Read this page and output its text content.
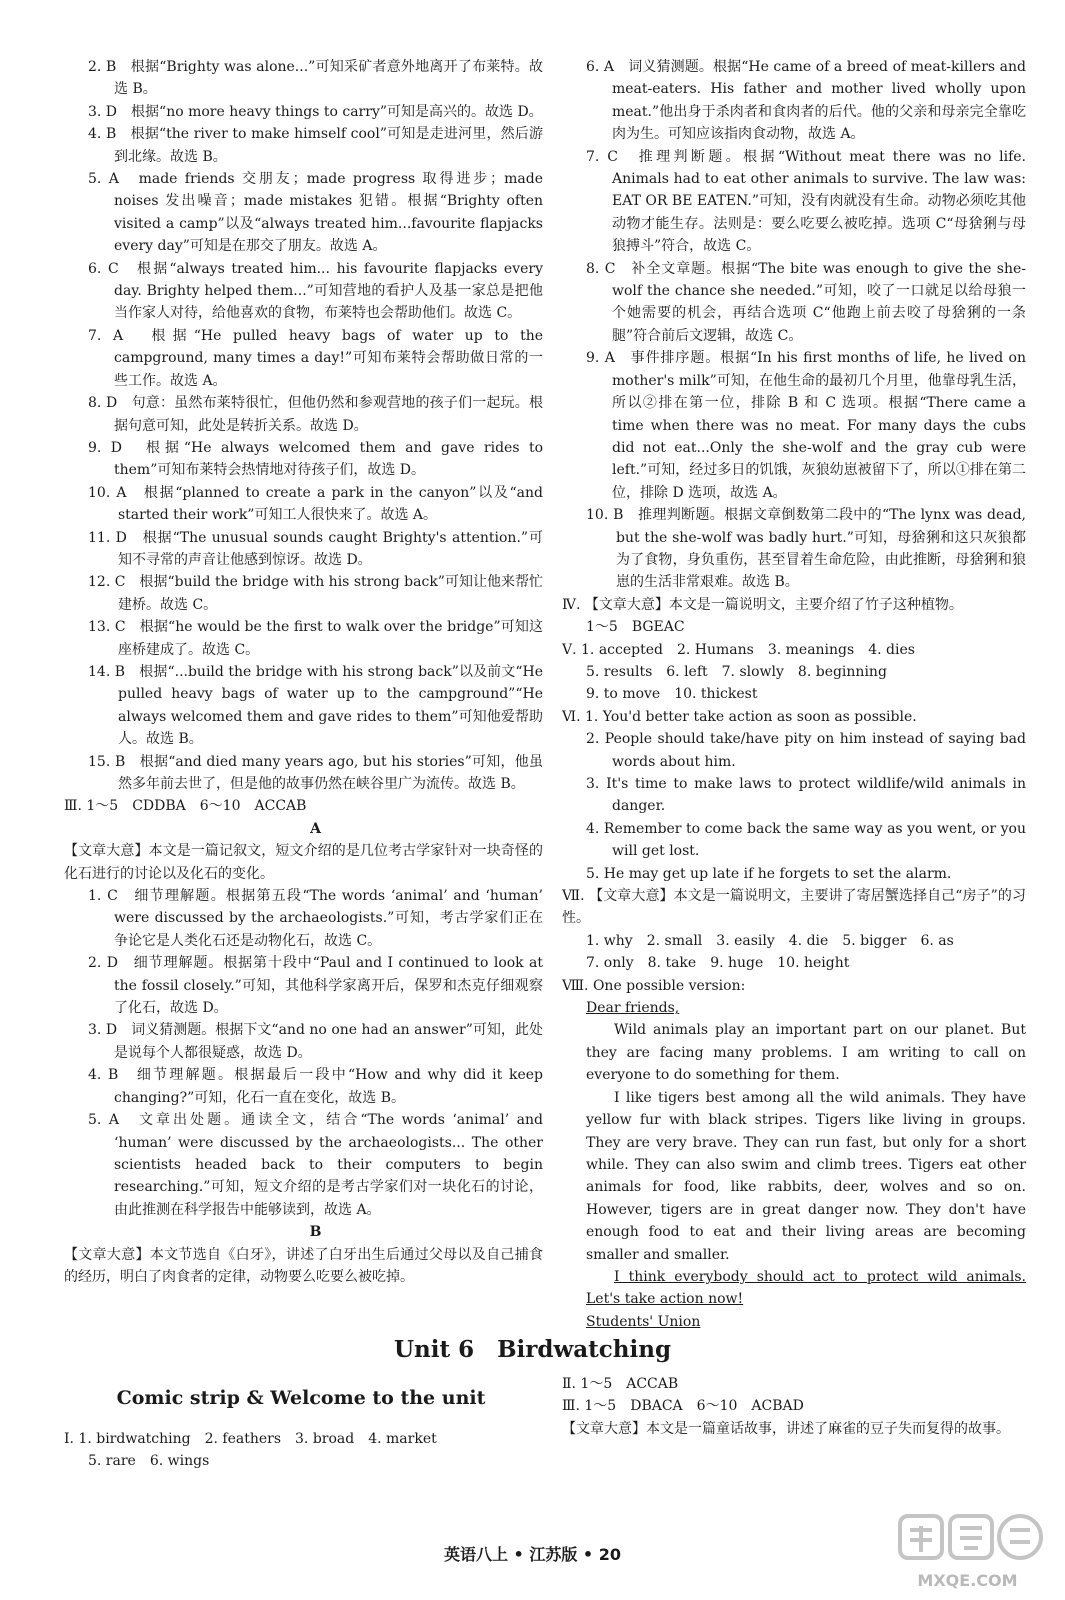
2. B　根据“Brighty was alone...”可知采矿者意外地离开了布莱特。故选 B。

3. D　根据“no more heavy things to carry”可知是高兴的。故选 D。

4. B　根据“the river to make himself cool”可知是走进河里，然后游到北缘。故选 B。

5. A　made friends 交朋友；made progress 取得进步；made noises 发出噪音；made mistakes 犯错。根据“Brighty often visited a camp”以及“always treated him...favourite flapjacks every day”可知是在那交了朋友。故选 A。

6. C　根据“always treated him... his favourite flapjacks every day. Brighty helped them...”可知营地的看护人及基一家总是把他当作家人对待，给他喜欢的食物，布莱特也会帮助他们。故选 C。

7. A　根据“He pulled heavy bags of water up to the campground, many times a day!”可知布莱特会帮助做日常的一些工作。故选 A。

8. D　句意：虽然布莱特很忙，但他仍然和参观营地的孩子们一起玩。根据句意可知，此处是转折关系。故选 D。

9. D　根据“He always welcomed them and gave rides to them”可知布莱特会热情地对待孩子们，故选 D。

10. A　根据“planned to create a park in the canyon”以及“and started their work”可知工人很快来了。故选 A。

11. D　根据“The unusual sounds caught Brighty's attention.”可知不寻常的声音让他感到惊讶。故选 D。

12. C　根据“build the bridge with his strong back”可知让他来帮忙建桥。故选 C。

13. C　根据“he would be the first to walk over the bridge”可知这座桥建成了。故选 C。

14. B　根据“...build the bridge with his strong back”以及前文“He pulled heavy bags of water up to the campground”“He always welcomed them and gave rides to them”可知他爱帮助人。故选 B。

15. B　根据“and died many years ago, but his stories”可知，他虽然多年前去世了，但是他的故事仍然在峡谷里广为流传。故选 B。

Ⅲ. 1～5　CDDBA　6～10　ACCAB

A

【文章大意】本文是一篇记叙文，短文介绍的是几位考古学家针对一块奇怪的化石进行的讨论以及化石的变化。

1. C　细节理解题。根据第五段“The words ‘animal’ and ‘human’ were discussed by the archaeologists.”可知，考古学家们正在争论它是人类化石还是动物化石，故选 C。

2. D　细节理解题。根据第十段中“Paul and I continued to look at the fossil closely.”可知，其他科学家离开后，保罗和杰克仔细观察了化石，故选 D。

3. D　词义猜测题。根据下文“and no one had an answer”可知，此处是说每个人都很疑惑，故选 D。

4. B　细节理解题。根据最后一段中“How and why did it keep changing?”可知，化石一直在变化，故选 B。

5. A　文章出处题。通读全文，结合“The words ‘animal’ and ‘human’ were discussed by the archaeologists... The other scientists headed back to their computers to begin researching.”可知，短文介绍的是考古学家们对一块化石的讨论，由此推测在科学报告中能够读到，故选 A。

B

【文章大意】本文节选自《白牙》，讲述了白牙出生后通过父母以及自己捕食的经历，明白了肉食者的定律，动物要么吃要么被吃掉。

6. A　词义猜测题。根据“He came of a breed of meat-killers and meat-eaters. His father and mother lived wholly upon meat.”他出身于杀肉者和食肉者的后代。他的父亲和母亲完全靠吃肉为生。可知应该指肉食动物，故选 A。

7. C　推理判断题。根据“Without meat there was no life. Animals had to eat other animals to survive. The law was: EAT OR BE EATEN.”可知，没有肉就没有生命。动物必须吃其他动物才能生存。法则是：要么吃要么被吃掉。选项 C“母猞猁与母狼搏斗”符合，故选 C。

8. C　补全文章题。根据“The bite was enough to give the she-wolf the chance she needed.”可知，咬了一口就足以给母狼一个她需要的机会，再结合选项 C“他跑上前去咬了母猞猁的一条腿”符合前后文逻辑，故选 C。

9. A　事件排序题。根据“In his first months of life, he lived on mother's milk”可知，在他生命的最初几个月里，他靠母乳生活，所以②排在第一位，排除 B 和 C 选项。根据“There came a time when there was no meat. For many days the cubs did not eat...Only the she-wolf and the gray cub were left.”可知，经过多日的饥饿，灰狼幼崽被留下了，所以①排在第二位，排除 D 选项，故选 A。

10. B　推理判断题。根据文章倒数第二段中的“The lynx was dead, but the she-wolf was badly hurt.”可知，母猞猁和这只灰狼都为了食物，身负重伤，甚至冒着生命危险，由此推断，母猞猁和狼崽的生活非常艰难。故选 B。

Ⅳ. 【文章大意】本文是一篇说明文，主要介绍了竹子这种植物。

1～5　BGEAC

Ⅴ. 1. accepted　2. Humans　3. meanings　4. dies

5. results　6. left　7. slowly　8. beginning

9. to move　10. thickest

Ⅵ. 1. You'd better take action as soon as possible.

2. People should take/have pity on him instead of saying bad words about him.

3. It's time to make laws to protect wildlife/wild animals in danger.

4. Remember to come back the same way as you went, or you will get lost.

5. He may get up late if he forgets to set the alarm.

Ⅶ. 【文章大意】本文是一篇说明文，主要讲了寄居蟹选择自己“房子”的习性。

1. why　2. small　3. easily　4. die　5. bigger　6. as

7. only　8. take　9. huge　10. height

Ⅷ. One possible version:

Dear friends,

Wild animals play an important part on our planet. But they are facing many problems. I am writing to call on everyone to do something for them.

I like tigers best among all the wild animals. They have yellow fur with black stripes. Tigers like living in groups. They are very brave. They can run fast, but only for a short while. They can also swim and climb trees. Tigers eat other animals for food, like rabbits, deer, wolves and so on. However, tigers are in great danger now. They don't have enough food to eat and their living areas are becoming smaller and smaller.

I think everybody should act to protect wild animals. Let's take action now!

Students' Union

Unit 6　Birdwatching
Comic strip & Welcome to the unit

Ⅰ. 1. birdwatching　2. feathers　3. broad　4. market

5. rare　6. wings

Ⅱ. 1～5　ACCAB

Ⅲ. 1～5　DBACA　6～10　ACBAD

【文章大意】本文是一篇童话故事，讲述了麻雀的豆子失而复得的故事。

英语八上 • 江苏版 • 20
MXQE.COM
